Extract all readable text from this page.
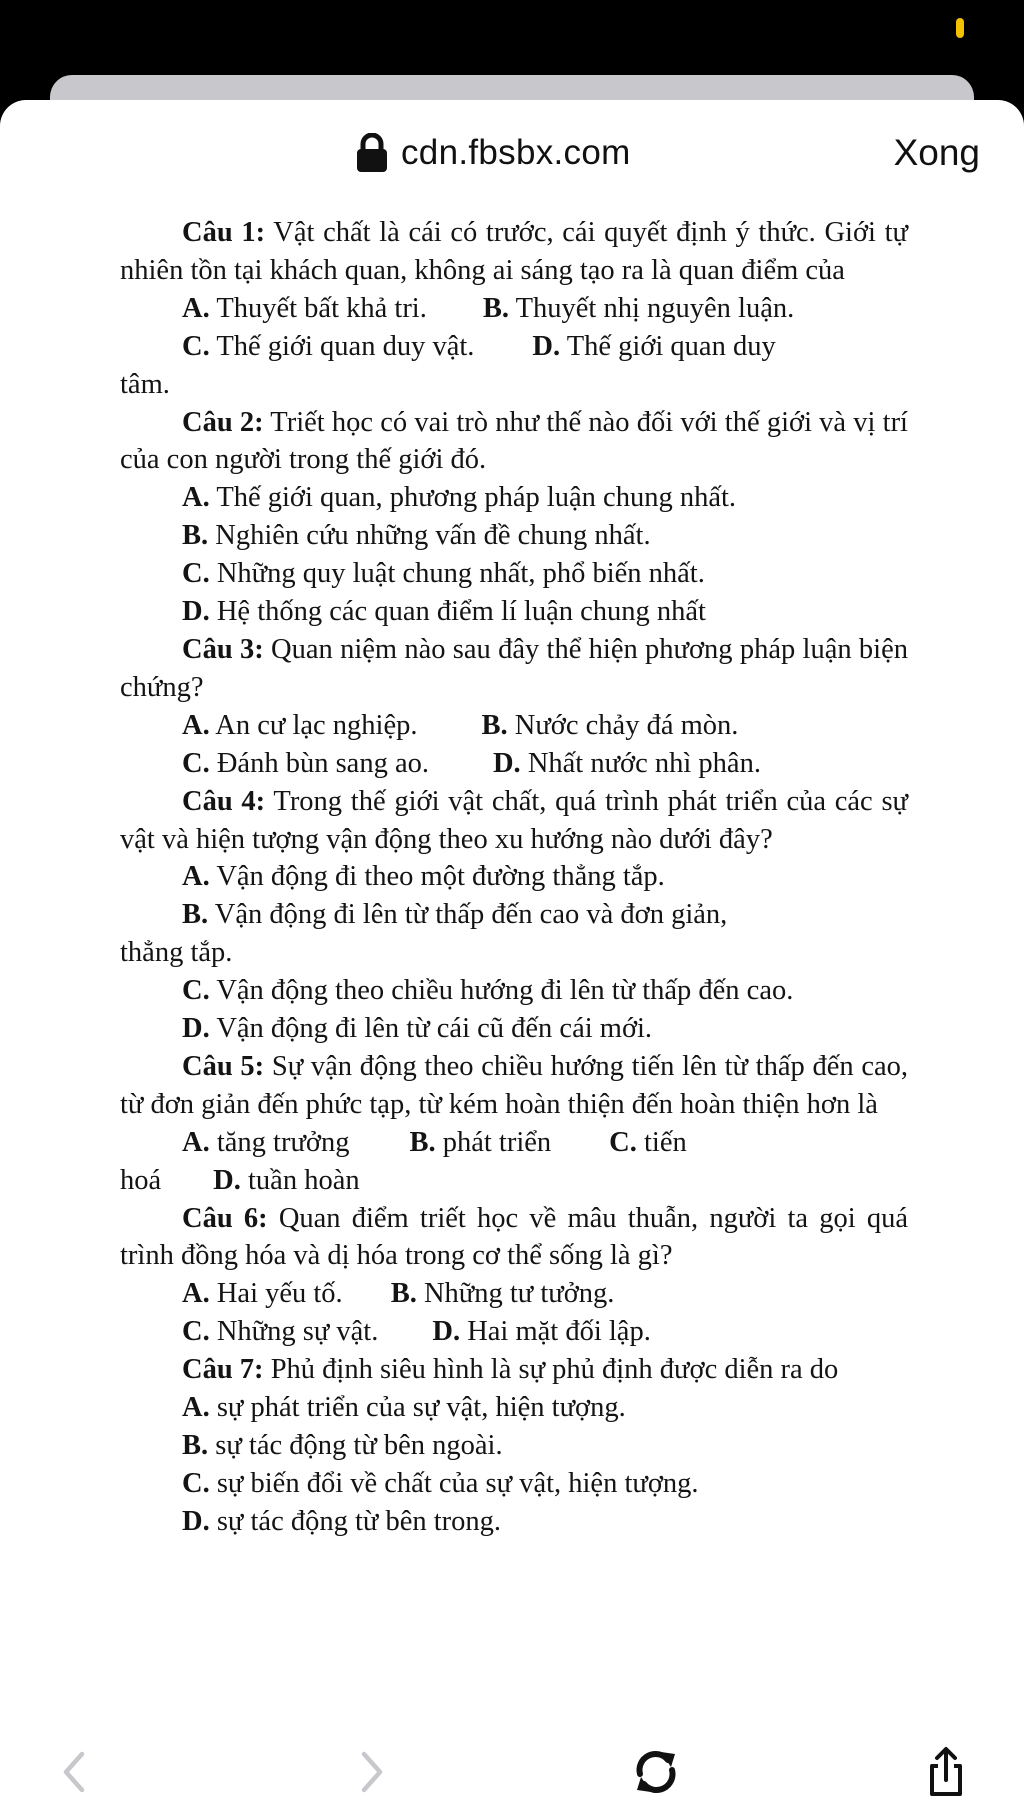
cdn.fbsbx.com	Xong

Câu 1: Vật chất là cái có trước, cái quyết định ý thức. Giới tự nhiên tồn tại khách quan, không ai sáng tạo ra là quan điểm của

A. Thuyết bất khả tri. B. Thuyết nhị nguyên luận.

C. Thế giới quan duy vật. D. Thế giới quan duy

tâm.

Câu 2: Triết học có vai trò như thế nào đối với thế giới và vị trí của con người trong thế giới đó.

A. Thế giới quan, phương pháp luận chung nhất.

B. Nghiên cứu những vấn đề chung nhất.

C. Những quy luật chung nhất, phổ biến nhất.

D. Hệ thống các quan điểm lí luận chung nhất

Câu 3: Quan niệm nào sau đây thể hiện phương pháp luận biện chứng?

A. An cư lạc nghiệp. B. Nước chảy đá mòn.

C. Đánh bùn sang ao. D. Nhất nước nhì phân.

Câu 4: Trong thế giới vật chất, quá trình phát triển của các sự vật và hiện tượng vận động theo xu hướng nào dưới đây?

A. Vận động đi theo một đường thẳng tắp.

B. Vận động đi lên từ thấp đến cao và đơn giản,

thẳng tắp.

C. Vận động theo chiều hướng đi lên từ thấp đến cao.

D. Vận động đi lên từ cái cũ đến cái mới.

Câu 5: Sự vận động theo chiều hướng tiến lên từ thấp đến cao, từ đơn giản đến phức tạp, từ kém hoàn thiện đến hoàn thiện hơn là

A. tăng trưởng B. phát triển C. tiến

hoá D. tuần hoàn

Câu 6: Quan điểm triết học về mâu thuẫn, người ta gọi quá trình đồng hóa và dị hóa trong cơ thể sống là gì?

A. Hai yếu tố. B. Những tư tưởng.

C. Những sự vật. D. Hai mặt đối lập.

Câu 7: Phủ định siêu hình là sự phủ định được diễn ra do

A. sự phát triển của sự vật, hiện tượng.

B. sự tác động từ bên ngoài.

C. sự biến đổi về chất của sự vật, hiện tượng.

D. sự tác động từ bên trong.
